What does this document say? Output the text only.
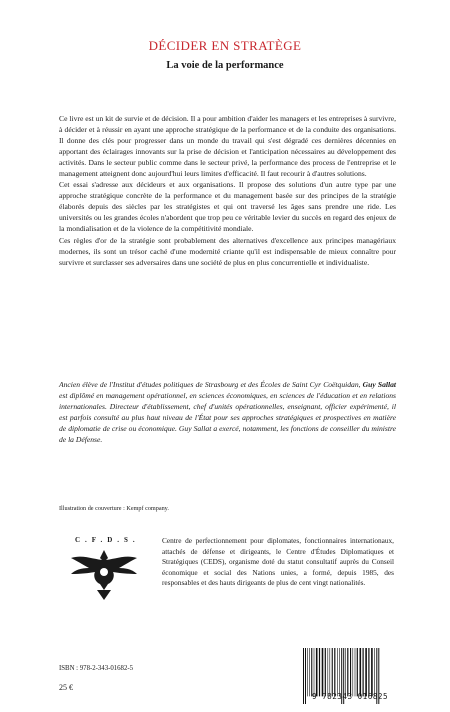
DÉCIDER EN STRATÈGE
La voie de la performance

Ce livre est un kit de survie et de décision. Il a pour ambition d'aider les managers et les entreprises à survivre, à décider et à réussir en ayant une approche stratégique de la performance et de la conduite des organisations. Il donne des clés pour progresser dans un monde du travail qui s'est dégradé ces dernières décennies en apportant des éclairages innovants sur la prise de décision et l'anticipation nécessaires au développement des activités. Dans le secteur public comme dans le secteur privé, la performance des process de l'entreprise et le management atteignent donc aujourd'hui leurs limites d'efficacité. Il faut recourir à d'autres solutions.

Cet essai s'adresse aux décideurs et aux organisations. Il propose des solutions d'un autre type par une approche stratégique concrète de la performance et du management basée sur des principes de la stratégie élaborés depuis des siècles par les stratégistes et qui ont traversé les âges sans prendre une ride. Les universités ou les grandes écoles n'abordent que trop peu ce véritable levier du succès en regard des enjeux de la mondialisation et de la violence de la compétitivité mondiale.

Ces règles d'or de la stratégie sont probablement des alternatives d'excellence aux principes managériaux modernes, ils sont un trésor caché d'une modernité criante qu'il est indispensable de mieux connaître pour survivre et surclasser ses adversaires dans une société de plus en plus concurrentielle et individualiste.

Ancien élève de l'Institut d'études politiques de Strasbourg et des Écoles de Saint Cyr Coëtquidan, Guy Sallat est diplômé en management opérationnel, en sciences économiques, en sciences de l'éducation et en relations internationales. Directeur d'établissement, chef d'unités opérationnelles, enseignant, officier expérimenté, il est parfois consulté au plus haut niveau de l'État pour ses approches stratégiques et prospectives en matière de diplomatie de crise ou économique. Guy Sallat a exercé, notamment, les fonctions de conseiller du ministre de la Défense.

Illustration de couverture : Kempf company.

C.F.D.S.	Centre de perfectionnement pour diplomates, fonctionnaires internationaux, attachés de défense et dirigeants, le Centre d'Études Diplomatiques et Stratégiques (CEDS), organisme doté du statut consultatif auprès du Conseil économique et social des Nations unies, a formé, depuis 1985, des responsables et des hauts dirigeants de plus de cent vingt nationalités.

ISBN : 978-2-343-01682-5

25 €

9 782343 016825
